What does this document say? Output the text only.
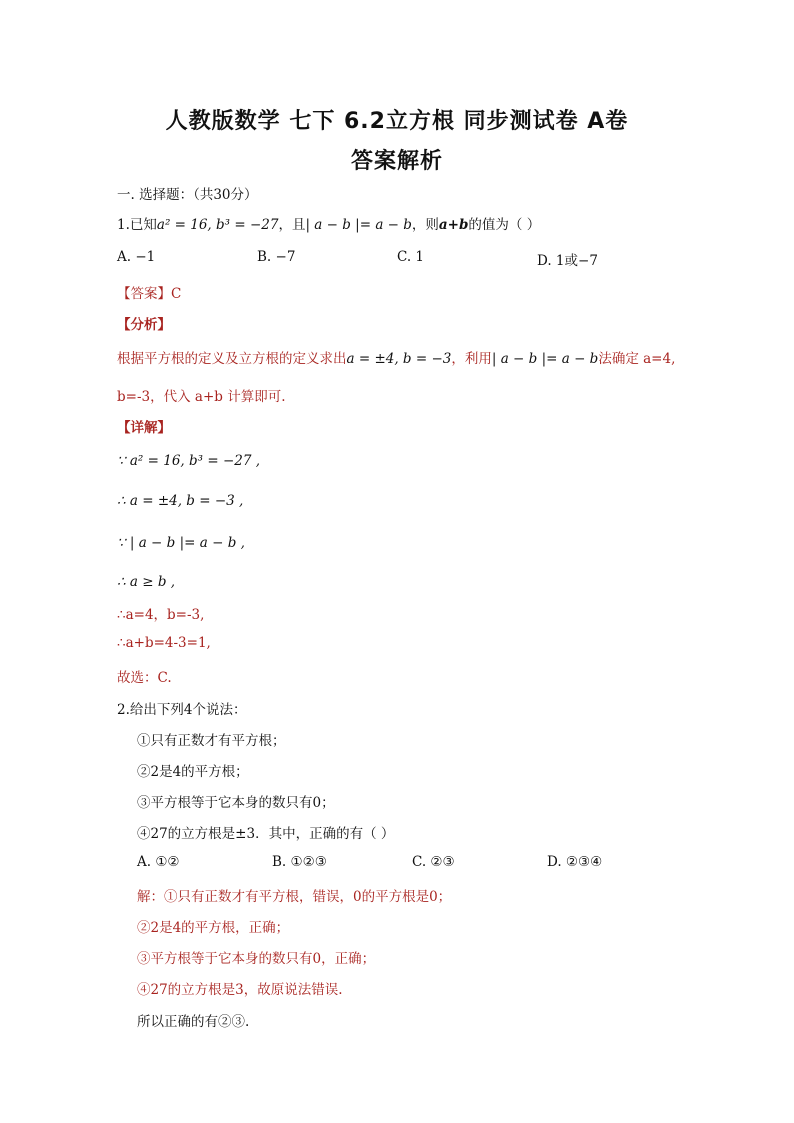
人教版数学 七下 6.2立方根 同步测试卷 A卷
答案解析
一. 选择题：（共30分）
1.已知a² = 16, b³ = −27，且| a − b |= a − b，则a+b的值为（ ）
A. −1	B. −7	C. 1	D. 1或−7
【答案】C
【分析】
根据平方根的定义及立方根的定义求出a = ±4, b = −3，利用| a − b |= a − b法确定 a=4,
b=-3，代入 a+b 计算即可.
【详解】
∵ a² = 16, b³ = −27 ,
∴ a = ±4, b = −3 ,
∵ | a − b |= a − b ,
∴ a ≥ b ,
∴a=4，b=-3,
∴a+b=4-3=1,
故选：C.
2.给出下列4个说法：
①只有正数才有平方根；
②2是4的平方根；
③平方根等于它本身的数只有0；
④27的立方根是±3．其中，正确的有（ ）
A. ①②	B. ①②③	C. ②③	D. ②③④
解：①只有正数才有平方根，错误，0的平方根是0；
②2是4的平方根，正确；
③平方根等于它本身的数只有0，正确；
④27的立方根是3，故原说法错误.
所以正确的有②③.
